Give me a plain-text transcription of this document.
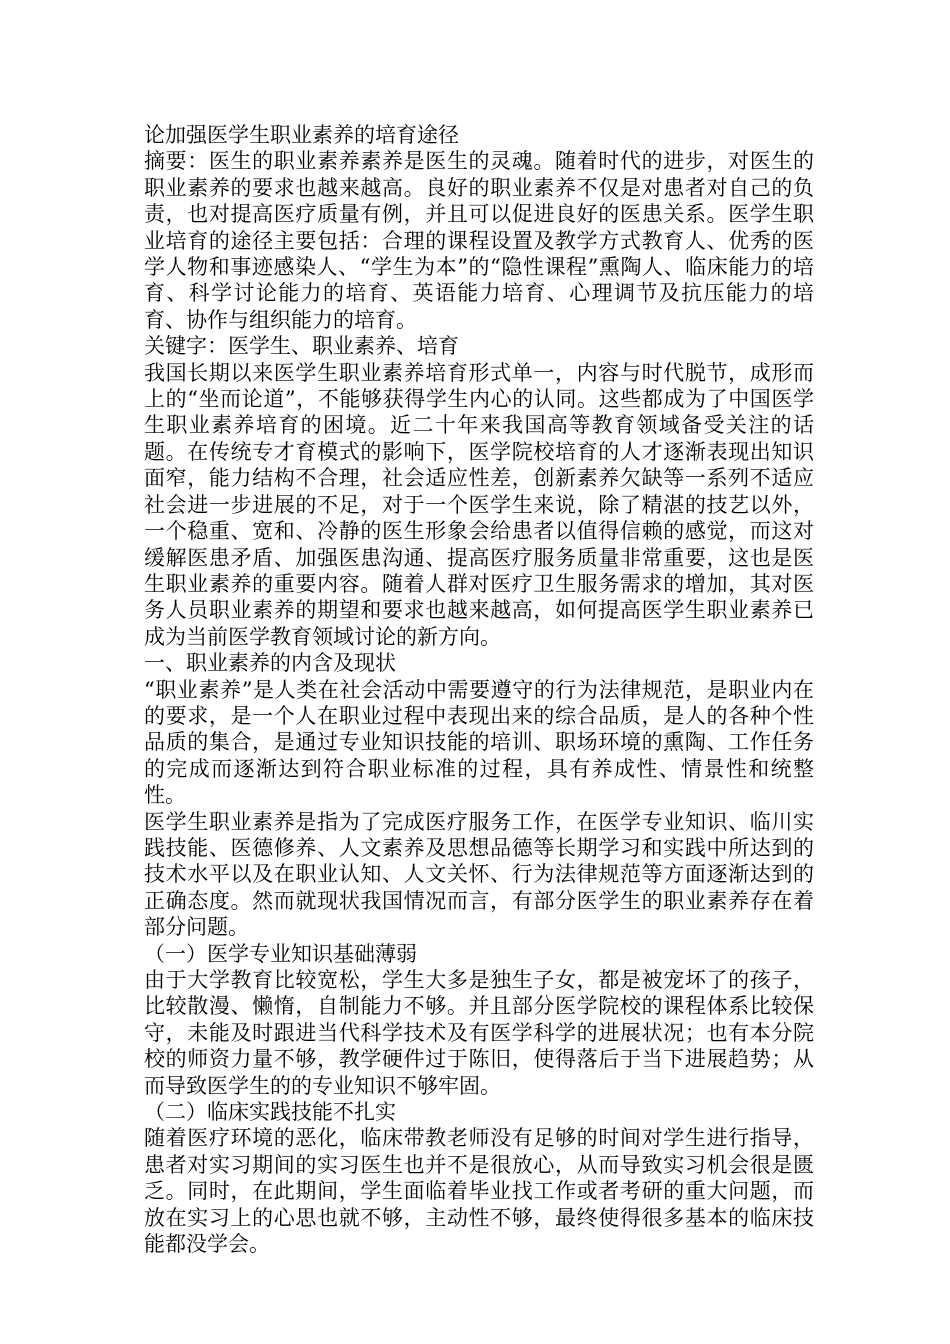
论加强医学生职业素养的培育途径

摘要：医生的职业素养素养是医生的灵魂。随着时代的进步，对医生的职业素养的要求也越来越高。良好的职业素养不仅是对患者对自己的负责，也对提高医疗质量有例，并且可以促进良好的医患关系。医学生职业培育的途径主要包括：合理的课程设置及教学方式教育人、优秀的医学人物和事迹感染人、“学生为本”的“隐性课程”熏陶人、临床能力的培育、科学讨论能力的培育、英语能力培育、心理调节及抗压能力的培育、协作与组织能力的培育。

关键字：医学生、职业素养、培育

我国长期以来医学生职业素养培育形式单一，内容与时代脱节，成形而上的“坐而论道”，不能够获得学生内心的认同。这些都成为了中国医学生职业素养培育的困境。近二十年来我国高等教育领域备受关注的话题。在传统专才育模式的影响下，医学院校培育的人才逐渐表现出知识面窄，能力结构不合理，社会适应性差，创新素养欠缺等一系列不适应社会进一步进展的不足，对于一个医学生来说，除了精湛的技艺以外，一个稳重、宽和、冷静的医生形象会给患者以值得信赖的感觉，而这对缓解医患矛盾、加强医患沟通、提高医疗服务质量非常重要，这也是医生职业素养的重要内容。随着人群对医疗卫生服务需求的增加，其对医务人员职业素养的期望和要求也越来越高，如何提高医学生职业素养已成为当前医学教育领域讨论的新方向。

一、职业素养的内含及现状

“职业素养”是人类在社会活动中需要遵守的行为法律规范，是职业内在的要求，是一个人在职业过程中表现出来的综合品质，是人的各种个性品质的集合，是通过专业知识技能的培训、职场环境的熏陶、工作任务的完成而逐渐达到符合职业标准的过程，具有养成性、情景性和统整性。

医学生职业素养是指为了完成医疗服务工作，在医学专业知识、临川实践技能、医德修养、人文素养及思想品德等长期学习和实践中所达到的技术水平以及在职业认知、人文关怀、行为法律规范等方面逐渐达到的正确态度。然而就现状我国情况而言，有部分医学生的职业素养存在着部分问题。

（一）医学专业知识基础薄弱

由于大学教育比较宽松，学生大多是独生子女，都是被宠坏了的孩子，比较散漫、懒惰，自制能力不够。并且部分医学院校的课程体系比较保守，未能及时跟进当代科学技术及有医学科学的进展状况；也有本分院校的师资力量不够，教学硬件过于陈旧，使得落后于当下进展趋势；从而导致医学生的的专业知识不够牢固。

（二）临床实践技能不扎实

随着医疗环境的恶化，临床带教老师没有足够的时间对学生进行指导，患者对实习期间的实习医生也并不是很放心，从而导致实习机会很是匮乏。同时，在此期间，学生面临着毕业找工作或者考研的重大问题，而放在实习上的心思也就不够，主动性不够，最终使得很多基本的临床技能都没学会。
